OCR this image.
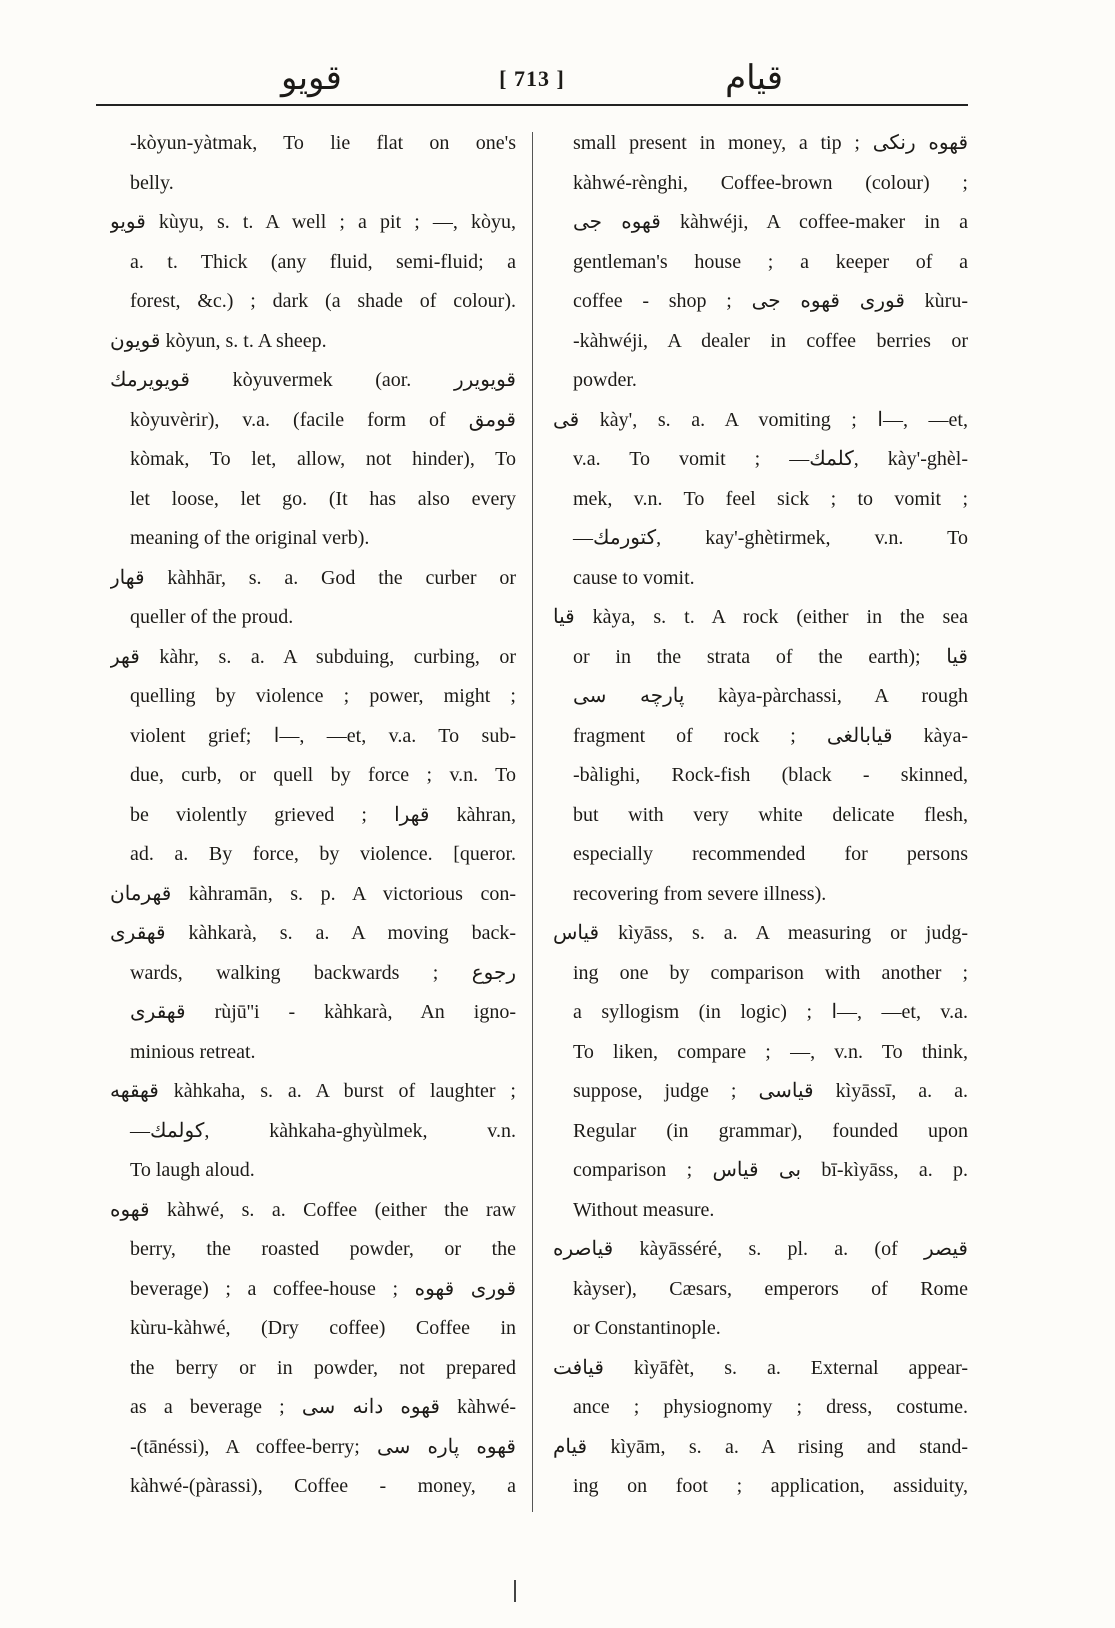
قويو	[ 713 ]	قيام
-kòyun-yàtmak, To lie flat on one's
belly.
قويو kùyu, s. t. A well ; a pit ; —, kòyu,
a. t. Thick (any fluid, semi-fluid; a
forest, &c.) ; dark (a shade of colour).
قويون kòyun, s. t. A sheep.
قويويرمك kòyuvermek (aor. قويويرر
kòyuvèrir), v.a. (facile form of قومق
kòmak, To let, allow, not hinder), To
let loose, let go. (It has also every
meaning of the original verb).
قهار kàhhār, s. a. God the curber or
queller of the proud.
قهر kàhr, s. a. A subduing, curbing, or
quelling by violence ; power, might ;
violent grief; ا—, —et, v.a. To sub-
due, curb, or quell by force ; v.n. To
be violently grieved ; قهرا kàhran,
ad. a. By force, by violence. [queror.
قهرمان kàhramān, s. p. A victorious con-
قهقرى kàhkarà, s. a. A moving back-
wards, walking backwards ; رجوع
قهقرى rùjū''i - kàhkarà, An igno-
minious retreat.
قهقهه kàhkaha, s. a. A burst of laughter ;
—كولمك, kàhkaha-ghyùlmek, v.n.
To laugh aloud.
قهوه kàhwé, s. a. Coffee (either the raw
berry, the roasted powder, or the
beverage) ; a coffee-house ; قورى قهوه
kùru-kàhwé, (Dry coffee) Coffee in
the berry or in powder, not prepared
as a beverage ; قهوه دانه سى kàhwé-
-(tānéssi), A coffee-berry; قهوه پاره سى
kàhwé-(pàrassi), Coffee - money, a
small present in money, a tip ; قهوه رنكى
kàhwé-rènghi, Coffee-brown (colour) ;
قهوه جى kàhwéji, A coffee-maker in a
gentleman's house ; a keeper of a
coffee - shop ; قورى قهوه جى kùru-
-kàhwéji, A dealer in coffee berries or
powder.
قى kày', s. a. A vomiting ; ا—, —et,
v.a. To vomit ; —كلمك, kày'-ghèl-
mek, v.n. To feel sick ; to vomit ;
—كتورمك, kay'-ghètirmek, v.n. To
cause to vomit.
قيا kàya, s. t. A rock (either in the sea
or in the strata of the earth); قيا
پارچه سى kàya-pàrchassi, A rough
fragment of rock ; قيابالغى kàya-
-bàlighi, Rock-fish (black - skinned,
but with very white delicate flesh,
especially recommended for persons
recovering from severe illness).
قياس kìyāss, s. a. A measuring or judg-
ing one by comparison with another ;
a syllogism (in logic) ; ا—, —et, v.a.
To liken, compare ; —, v.n. To think,
suppose, judge ; قياسى kìyāssī, a. a.
Regular (in grammar), founded upon
comparison ; بى قياس bī-kìyāss, a. p.
Without measure.
قياصره kàyāsséré, s. pl. a. (of قيصر
kàyser), Cæsars, emperors of Rome
or Constantinople.
قيافت kìyāfèt, s. a. External appear-
ance ; physiognomy ; dress, costume.
قيام kìyām, s. a. A rising and stand-
ing on foot ; application, assiduity,
